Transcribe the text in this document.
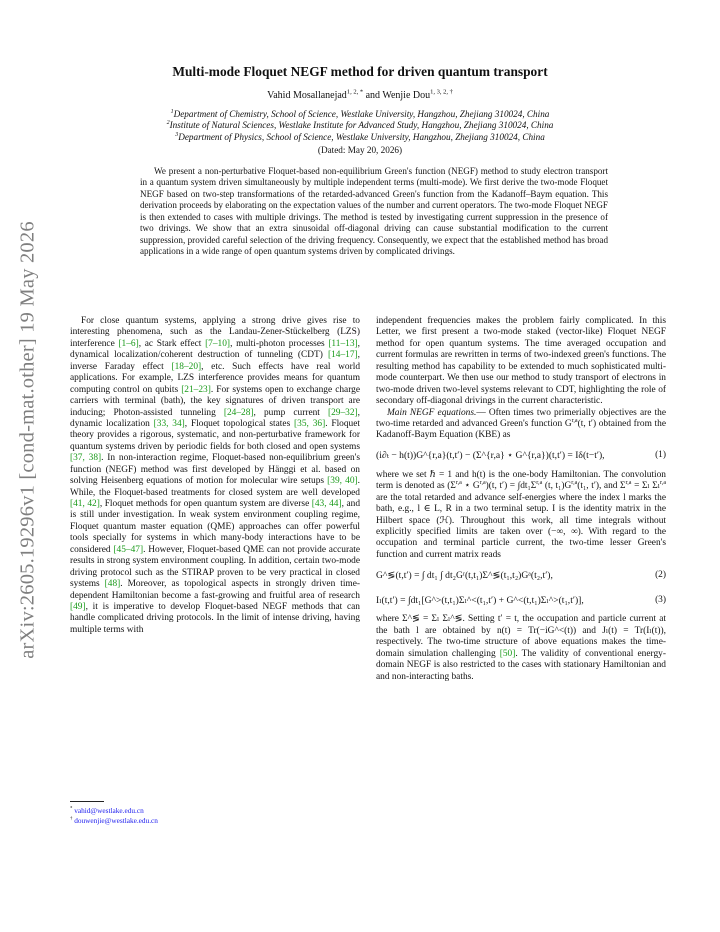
arXiv:2605.19296v1 [cond-mat.other] 19 May 2026
Multi-mode Floquet NEGF method for driven quantum transport
Vahid Mosallanejad$^{1, 2, *}$ and Wenjie Dou$^{1, 3, 2, \dagger}$
$^1$Department of Chemistry, School of Science, Westlake University, Hangzhou, Zhejiang 310024, China
$^2$Institute of Natural Sciences, Westlake Institute for Advanced Study, Hangzhou, Zhejiang 310024, China
$^3$Department of Physics, School of Science, Westlake University, Hangzhou, Zhejiang 310024, China
(Dated: May 20, 2026)

We present a non-perturbative Floquet-based non-equilibrium Green's function (NEGF) method to study electron transport in a quantum system driven simultaneously by multiple independent terms (multi-mode). We first derive the two-mode Floquet NEGF based on two-step transformations of the retarded-advanced Green's function from the Kadanoff–Baym equation. This derivation proceeds by elaborating on the expectation values of the number and current operators. The two-mode Floquet NEGF is then extended to cases with multiple drivings. The method is tested by investigating current suppression in the presence of two drivings. We show that an extra sinusoidal off-diagonal driving can cause substantial modification to the current suppression, provided careful selection of the driving frequency. Consequently, we expect that the established method has broad applications in a wide range of open quantum systems driven by complicated drivings.

For close quantum systems, applying a strong drive gives rise to interesting phenomena, such as the Landau-Zener-Stückelberg (LZS) interference [1–6], ac Stark effect [7–10], multi-photon processes [11–13], dynamical localization/coherent destruction of tunneling (CDT) [14–17], inverse Faraday effect [18–20], etc. Such effects have real world applications. For example, LZS interference provides means for quantum computing control on qubits [21–23]. For systems open to exchange charge carriers with terminal (bath), the key signatures of driven transport are inducing; Photon-assisted tunneling [24–28], pump current [29–32], dynamic localization [33, 34], Floquet topological states [35, 36]. Floquet theory provides a rigorous, systematic, and non-perturbative framework for quantum systems driven by periodic fields for both closed and open systems [37, 38]. In non-interaction regime, Floquet-based non-equilibrium green's function (NEGF) method was first developed by Hänggi et al. based on solving Heisenberg equations of motion for molecular wire setups [39, 40]. While, the Floquet-based treatments for closed system are well developed [41, 42], Floquet methods for open quantum system are diverse [43, 44], and is still under investigation. In weak system environment coupling regime, Floquet quantum master equation (QME) approaches can offer powerful tools specially for systems in which many-body interactions have to be considered [45–47]. However, Floquet-based QME can not provide accurate results in strong system environment coupling. In addition, certain two-mode driving protocol such as the STIRAP proven to be very practical in closed systems [48]. Moreover, as topological aspects in strongly driven time-dependent Hamiltonian become a fast-growing and fruitful area of research [49], it is imperative to develop Floquet-based NEGF methods that can handle complicated driving protocols. In the limit of intense driving, having multiple terms with

independent frequencies makes the problem fairly complicated. In this Letter, we first present a two-mode staked (vector-like) Floquet NEGF method for open quantum systems. The time averaged occupation and current formulas are rewritten in terms of two-indexed green's functions. The resulting method has capability to be extended to much sophisticated multi-mode counterpart. We then use our method to study transport of electrons in two-mode driven two-level systems relevant to CDT, highlighting the role of secondary off-diagonal drivings in the current characteristic.

Main NEGF equations.— Often times two primerially objectives are the two-time retarded and advanced Green's function G$^{r,a}$(t, t′) obtained from the Kadanoff-Baym Equation (KBE) as

(i∂ₜ − h(t))G^{r,a}(t,t′) − (Σ^{r,a} ⋆ G^{r,a})(t,t′) = Iδ(t−t′),	(1)

where we set ℏ = 1 and h(t) is the one-body Hamiltonian. The convolution term is denoted as ($\Sigma^{r,a}$ ⋆ G$^{r,a}$)(t, $t') = \int dt_1\Sigma^{r,a}$ (t, $t_1)G^{r,a}(t_1$, t′), and Σ$^{r,a}$ = Σₗ Σₗ$^{r,a}$ are the total retarded and advance self-energies where the index l marks the bath, e.g., l ∈ L, R in a two terminal setup. I is the identity matrix in the Hilbert space (ℋ). Throughout this work, all time integrals without explicitly specified limits are taken over (−∞, ∞). With regard to the occupation and terminal particle current, the two-time lesser Green's function and current matrix reads

G^≶(t,t′) = ∫ dt₁ ∫ dt₂Gʳ(t,t₁)Σ^≶(t₁,t₂)Gᵃ(t₂,t′),	(2)
Iₗ(t,t′) = ∫dt₁[G^>(t,t₁)Σₗ^<(t₁,t′) + G^<(t,t₁)Σₗ^>(t₁,t′)],	(3)

where Σ^≶ = Σₗ Σₗ^≶. Setting t′ = t, the occupation and particle current at the bath l are obtained by n(t) = Tr(−iG^<(t)) and Jₗ(t) = Tr(Iₗ(t)), respectively. The two-time structure of above equations makes the time-domain simulation challenging [50]. The validity of conventional energy-domain NEGF is also restricted to the cases with stationary Hamiltonian and and non-interacting baths.

* vahid@westlake.edu.cn
† douwenjie@westlake.edu.cn
